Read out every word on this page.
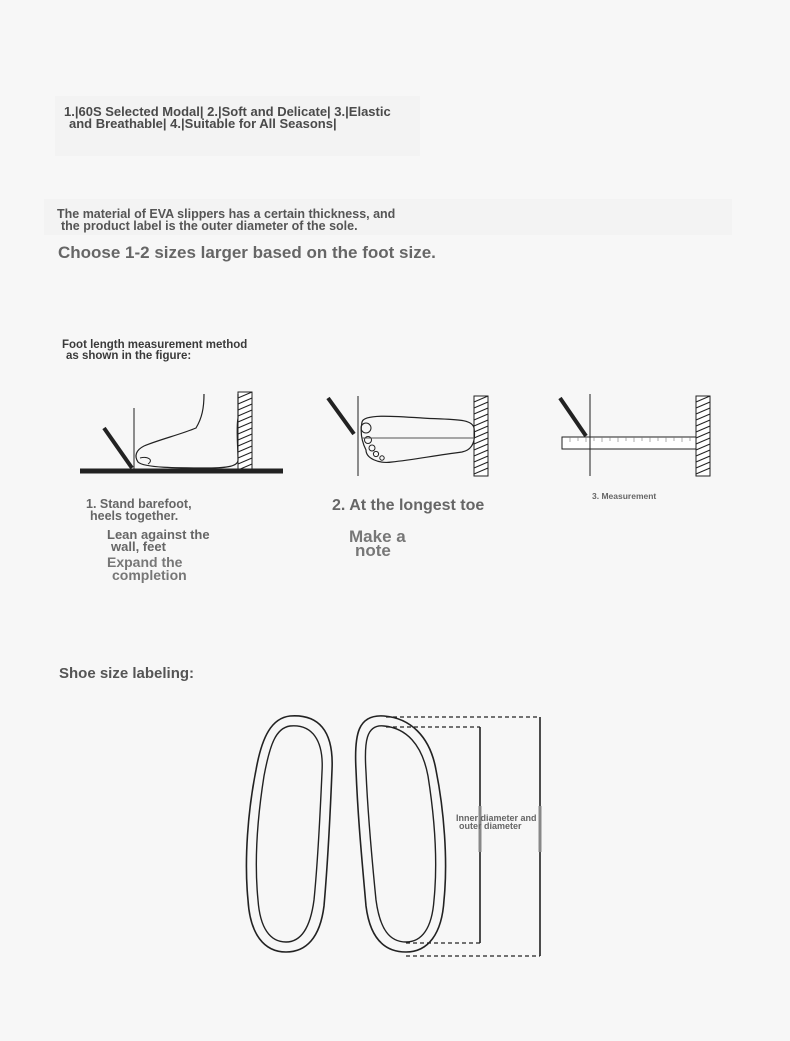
1.|60S Selected Modal| 2.|Soft and Delicate| 3.|Elastic
and Breathable| 4.|Suitable for All Seasons|
The material of EVA slippers has a certain thickness, and
the product label is the outer diameter of the sole.
Choose 1-2 sizes larger based on the foot size.
Foot length measurement method
as shown in the figure:
1. Stand barefoot,
heels together.
Lean against the
wall, feet
Expand the
completion
2. At the longest toe
Make a
note
3. Measurement
Shoe size labeling:
Inner diameter and
outer diameter
